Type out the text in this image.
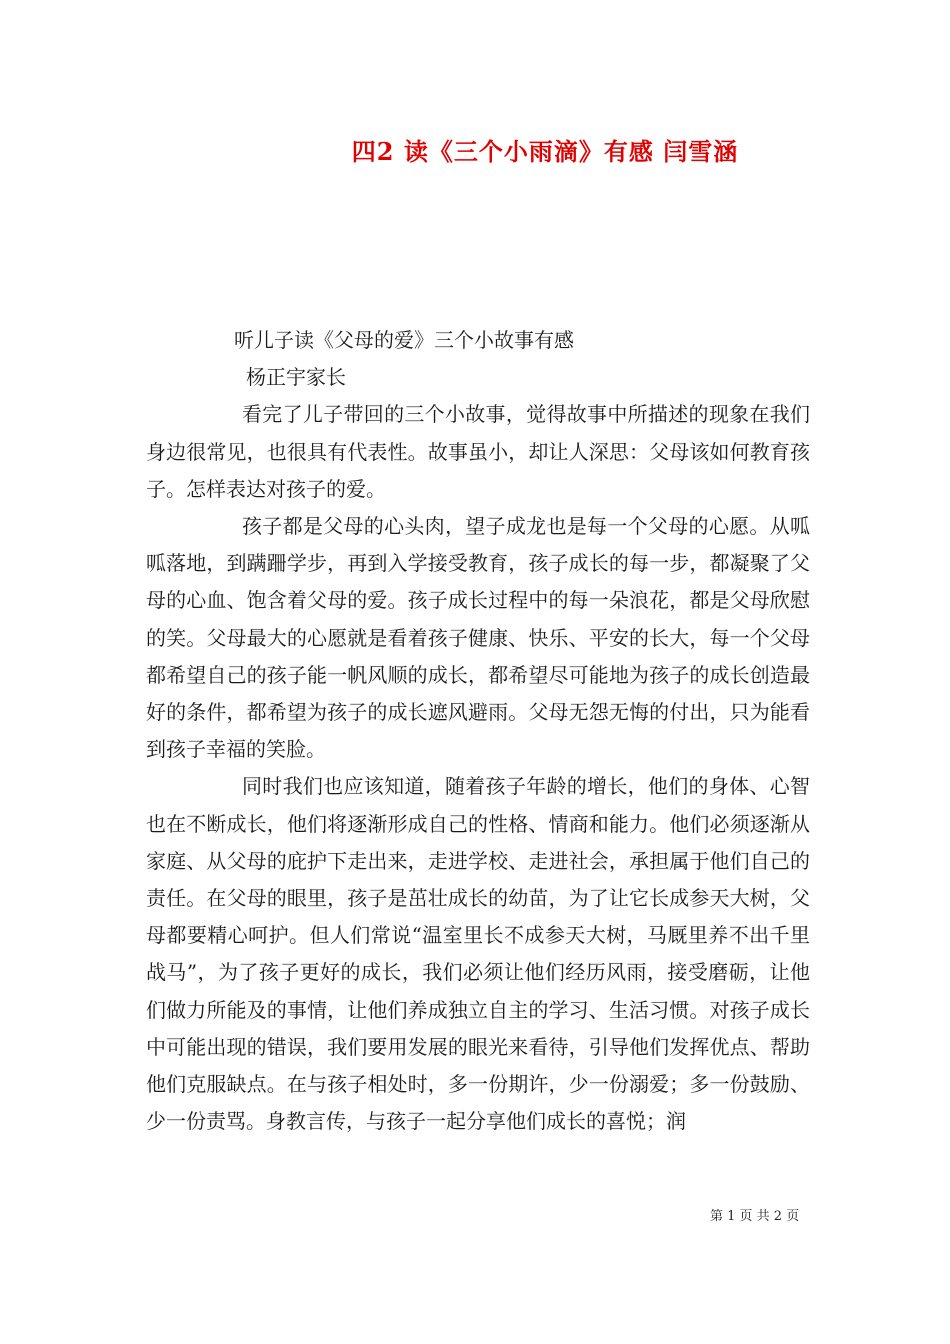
四2 读《三个小雨滴》有感 闫雪涵

听儿子读《父母的爱》三个小故事有感

杨正宇家长

看完了儿子带回的三个小故事，觉得故事中所描述的现象在我们身边很常见，也很具有代表性。故事虽小，却让人深思：父母该如何教育孩子。怎样表达对孩子的爱。

孩子都是父母的心头肉，望子成龙也是每一个父母的心愿。从呱呱落地，到蹒跚学步，再到入学接受教育，孩子成长的每一步，都凝聚了父母的心血、饱含着父母的爱。孩子成长过程中的每一朵浪花，都是父母欣慰的笑。父母最大的心愿就是看着孩子健康、快乐、平安的长大，每一个父母都希望自己的孩子能一帆风顺的成长，都希望尽可能地为孩子的成长创造最好的条件，都希望为孩子的成长遮风避雨。父母无怨无悔的付出，只为能看到孩子幸福的笑脸。

同时我们也应该知道，随着孩子年龄的增长，他们的身体、心智也在不断成长，他们将逐渐形成自己的性格、情商和能力。他们必须逐渐从家庭、从父母的庇护下走出来，走进学校、走进社会，承担属于他们自己的责任。在父母的眼里，孩子是茁壮成长的幼苗，为了让它长成参天大树，父母都要精心呵护。但人们常说“温室里长不成参天大树，马厩里养不出千里战马”，为了孩子更好的成长，我们必须让他们经历风雨，接受磨砺，让他们做力所能及的事情，让他们养成独立自主的学习、生活习惯。对孩子成长中可能出现的错误，我们要用发展的眼光来看待，引导他们发挥优点、帮助他们克服缺点。在与孩子相处时，多一份期许，少一份溺爱；多一份鼓励、少一份责骂。身教言传，与孩子一起分享他们成长的喜悦；润

第 1 页 共 2 页
